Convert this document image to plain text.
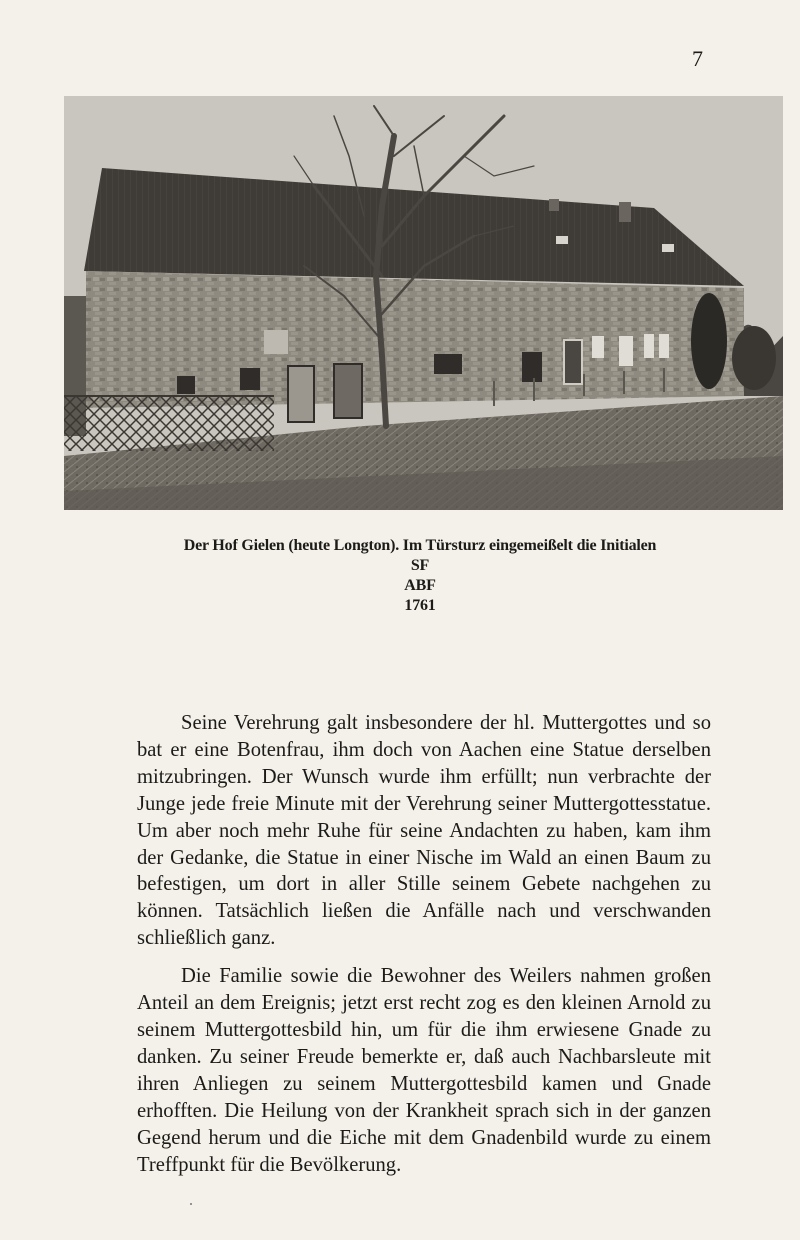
7
Der Hof Gielen (heute Longton). Im Türsturz eingemeißelt die Initialen
SF
ABF
1761

Seine Verehrung galt insbesondere der hl. Muttergottes und so bat er eine Botenfrau, ihm doch von Aachen eine Statue derselben mitzubringen. Der Wunsch wurde ihm erfüllt; nun verbrachte der Junge jede freie Minute mit der Verehrung seiner Muttergottesstatue. Um aber noch mehr Ruhe für seine Andachten zu haben, kam ihm der Gedanke, die Statue in einer Nische im Wald an einen Baum zu befestigen, um dort in aller Stille seinem Gebete nachgehen zu können. Tatsächlich ließen die Anfälle nach und verschwanden schließlich ganz.

Die Familie sowie die Bewohner des Weilers nahmen großen Anteil an dem Ereignis; jetzt erst recht zog es den kleinen Arnold zu seinem Muttergottesbild hin, um für die ihm erwiesene Gnade zu danken. Zu seiner Freude bemerkte er, daß auch Nachbarsleute mit ihren Anliegen zu seinem Muttergottesbild kamen und Gnade erhofften. Die Heilung von der Krankheit sprach sich in der ganzen Gegend herum und die Eiche mit dem Gnadenbild wurde zu einem Treffpunkt für die Bevölkerung.
